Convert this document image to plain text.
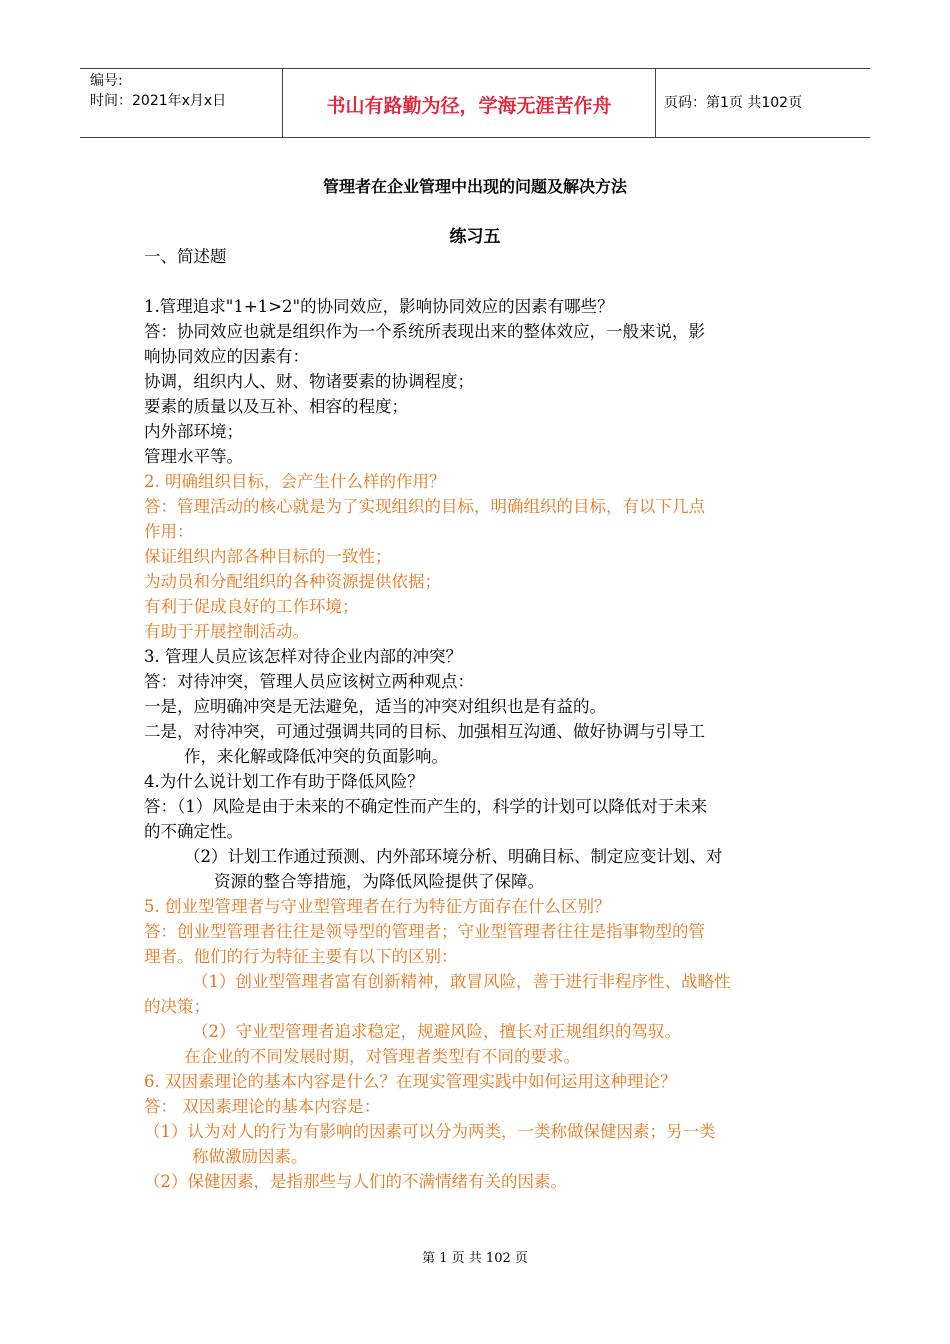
编号:
时间：2021年x月x日	书山有路勤为径，学海无涯苦作舟	页码：第1页 共102页
管理者在企业管理中出现的问题及解决方法
练习五
一、简述题
1.管理追求"1+1>2"的协同效应，影响协同效应的因素有哪些？
答：协同效应也就是组织作为一个系统所表现出来的整体效应，一般来说，影
响协同效应的因素有：
协调，组织内人、财、物诸要素的协调程度；
要素的质量以及互补、相容的程度；
内外部环境；
管理水平等。
2. 明确组织目标，会产生什么样的作用？
答：管理活动的核心就是为了实现组织的目标，明确组织的目标，有以下几点
作用：
保证组织内部各种目标的一致性；
为动员和分配组织的各种资源提供依据；
有利于促成良好的工作环境；
有助于开展控制活动。
3. 管理人员应该怎样对待企业内部的冲突？
答：对待冲突，管理人员应该树立两种观点：
一是，应明确冲突是无法避免，适当的冲突对组织也是有益的。
二是，对待冲突，可通过强调共同的目标、加强相互沟通、做好协调与引导工
作，来化解或降低冲突的负面影响。
4.为什么说计划工作有助于降低风险？
答：（1）风险是由于未来的不确定性而产生的，科学的计划可以降低对于未来
的不确定性。
（2）计划工作通过预测、内外部环境分析、明确目标、制定应变计划、对
资源的整合等措施，为降低风险提供了保障。
5. 创业型管理者与守业型管理者在行为特征方面存在什么区别？
答：创业型管理者往往是领导型的管理者；守业型管理者往往是指事物型的管
理者。他们的行为特征主要有以下的区别：
（1）创业型管理者富有创新精神，敢冒风险，善于进行非程序性、战略性
的决策；
（2）守业型管理者追求稳定，规避风险，擅长对正规组织的驾驭。
在企业的不同发展时期，对管理者类型有不同的要求。
6. 双因素理论的基本内容是什么？在现实管理实践中如何运用这种理论？
答： 双因素理论的基本内容是：
（1）认为对人的行为有影响的因素可以分为两类，一类称做保健因素；另一类
称做激励因素。
（2）保健因素，是指那些与人们的不满情绪有关的因素。
第 1 页 共 102 页
